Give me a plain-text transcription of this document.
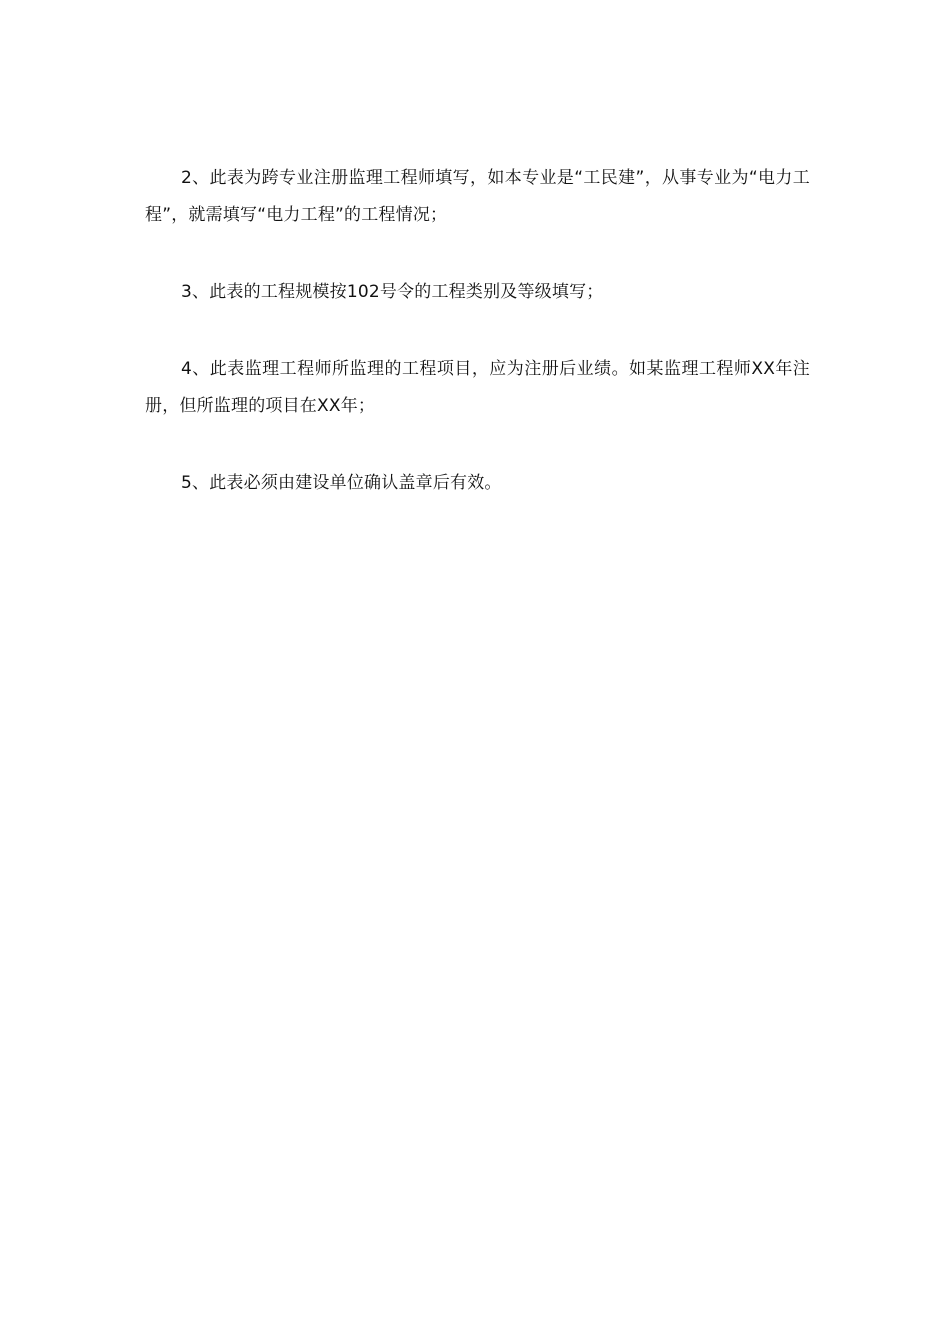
2、此表为跨专业注册监理工程师填写，如本专业是“工民建”，从事专业为“电力工程”，就需填写“电力工程”的工程情况；

3、此表的工程规模按102号令的工程类别及等级填写；

4、此表监理工程师所监理的工程项目，应为注册后业绩。如某监理工程师XX年注册，但所监理的项目在XX年；

5、此表必须由建设单位确认盖章后有效。
